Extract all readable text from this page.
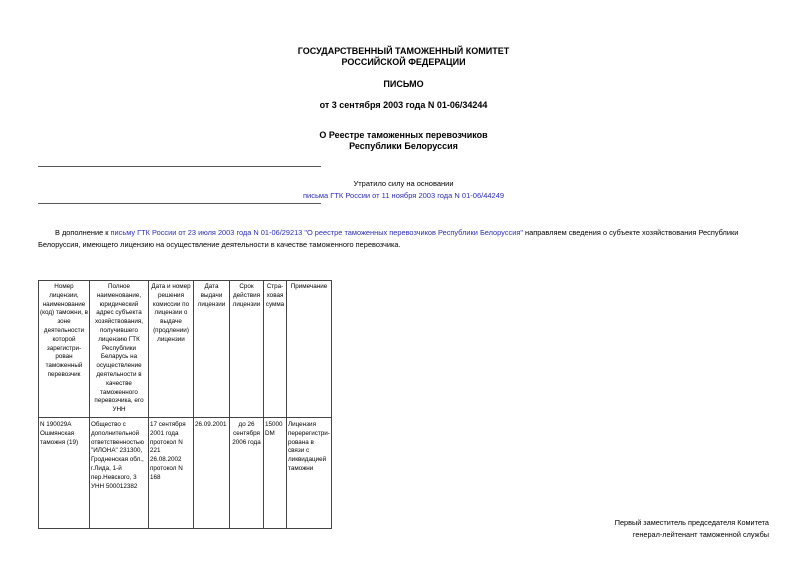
ГОСУДАРСТВЕННЫЙ ТАМОЖЕННЫЙ КОМИТЕТ
РОССИЙСКОЙ ФЕДЕРАЦИИ
ПИСЬМО
от 3 сентября 2003 года N 01-06/34244
О Реестре таможенных перевозчиков
Республики Белоруссия
Утратило силу на основании
письма ГТК России от 11 ноября 2003 года N 01-06/44249
В дополнение к письму ГТК России от 23 июля 2003 года N 01-06/29213 "О реестре таможенных перевозчиков Республики Белоруссия" направляем сведения о субъекте хозяйствования Республики Белоруссия, имеющего лицензию на осуществление деятельности в качестве таможенного перевозчика.
Номер лицензии, наименование (код) таможни, в зоне деятельности которой зарегистри-рован таможенный перевозчик	Полное наименование, юридический адрес субъекта хозяйствования, получившего лицензию ГТК Республики Беларусь на осуществление деятельности в качестве таможенного перевозчика, его УНН	Дата и номер решения комиссии по лицензии о выдаче (продлении) лицензии	Дата выдачи лицензии	Срок действия лицензии	Стра-ховая сумма	Примечание
N 190029А Ошмянская таможня (19)	Общество с дополнительной ответственностью "ИЛОНА" 231300, Гродненская обл., г.Лида, 1-й пер.Невского, 3 УНН 500012382	17 сентября 2001 года протокол N 221 26.08.2002 протокол N 168	26.09.2001	до 26 сентября 2006 года	15000 DM	Лицензия перерегистри-рована в связи с ликвидацией таможни
Первый заместитель председателя Комитета
генерал-лейтенант таможенной службы
